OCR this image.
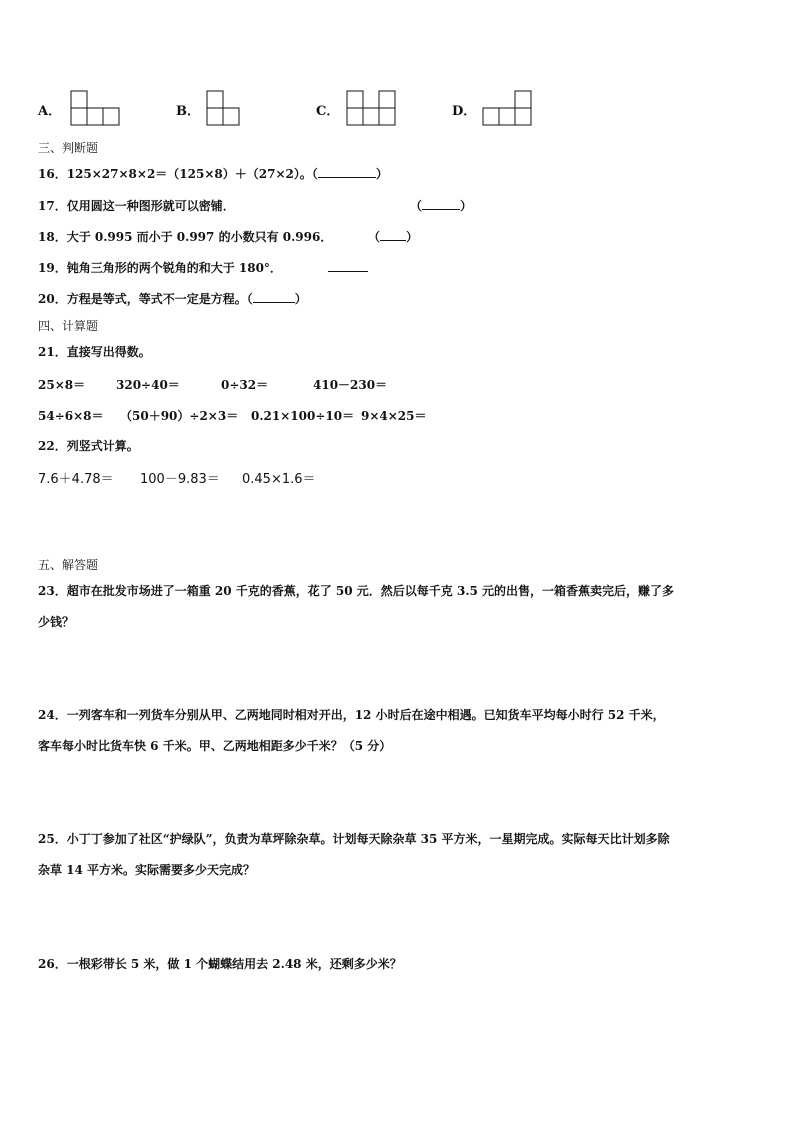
A．	B．	C．	D．
三、判断题
16．125×27×8×2＝（125×8）＋（27×2）。（	）
17．仅用圆这一种图形就可以密铺．	（	）
18．大于 0.995 而小于 0.997 的小数只有 0.996．	（ ）
19．钝角三角形的两个锐角的和大于 180°．
20．方程是等式，等式不一定是方程。（	）
四、计算题
21．直接写出得数。
25×8＝	320÷40＝	0÷32＝	410－230＝
54÷6×8＝ （50＋90）÷2×3＝ 0.21×100÷10＝ 9×4×25＝
22．列竖式计算。
7.6＋4.78＝ 100－9.83＝ 0.45×1.6＝
五、解答题
23．超市在批发市场进了一箱重 20 千克的香蕉，花了 50 元．然后以每千克 3.5 元的出售，一箱香蕉卖完后，赚了多
少钱？
24．一列客车和一列货车分别从甲、乙两地同时相对开出，12 小时后在途中相遇。已知货车平均每小时行 52 千米，
客车每小时比货车快 6 千米。甲、乙两地相距多少千米？（5 分）
25．小丁丁参加了社区“护绿队”，负责为草坪除杂草。计划每天除杂草 35 平方米，一星期完成。实际每天比计划多除
杂草 14 平方米。实际需要多少天完成？
26．一根彩带长 5 米，做 1 个蝴蝶结用去 2.48 米，还剩多少米？
